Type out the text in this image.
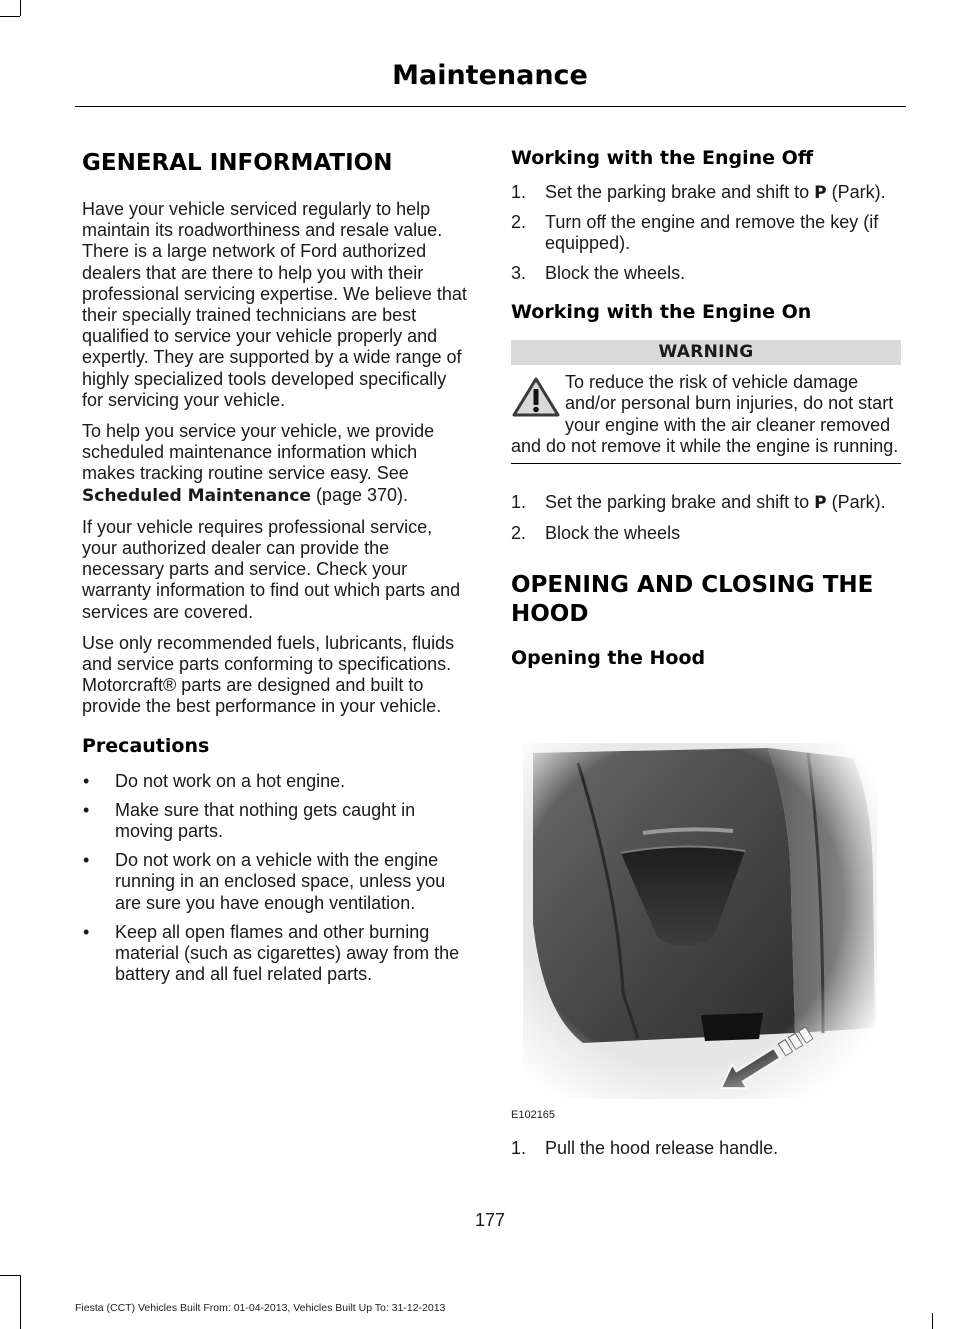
Maintenance
GENERAL INFORMATION

Have your vehicle serviced regularly to help maintain its roadworthiness and resale value. There is a large network of Ford authorized dealers that are there to help you with their professional servicing expertise. We believe that their specially trained technicians are best qualified to service your vehicle properly and expertly. They are supported by a wide range of highly specialized tools developed specifically for servicing your vehicle.

To help you service your vehicle, we provide scheduled maintenance information which makes tracking routine service easy. See Scheduled Maintenance (page 370).

If your vehicle requires professional service, your authorized dealer can provide the necessary parts and service. Check your warranty information to find out which parts and services are covered.

Use only recommended fuels, lubricants, fluids and service parts conforming to specifications. Motorcraft® parts are designed and built to provide the best performance in your vehicle.

Precautions
• Do not work on a hot engine.
• Make sure that nothing gets caught in moving parts.
• Do not work on a vehicle with the engine running in an enclosed space, unless you are sure you have enough ventilation.
• Keep all open flames and other burning material (such as cigarettes) away from the battery and all fuel related parts.
Working with the Engine Off
1. Set the parking brake and shift to P (Park).
2. Turn off the engine and remove the key (if equipped).
3. Block the wheels.
Working with the Engine On
WARNING
To reduce the risk of vehicle damage and/or personal burn injuries, do not start your engine with the air cleaner removed and do not remove it while the engine is running.
1. Set the parking brake and shift to P (Park).
2. Block the wheels
OPENING AND CLOSING THE HOOD
Opening the Hood
E102165
1. Pull the hood release handle.
177
Fiesta (CCT) Vehicles Built From: 01-04-2013, Vehicles Built Up To: 31-12-2013
